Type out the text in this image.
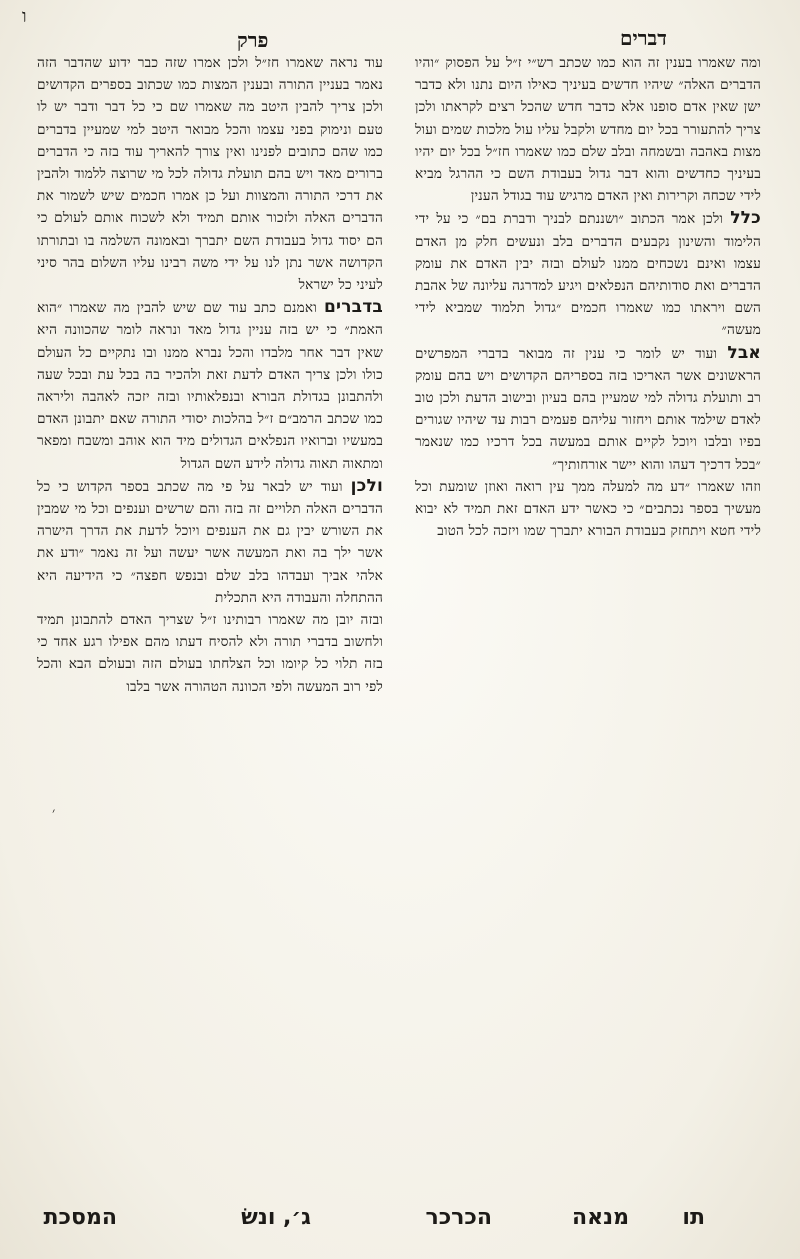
ו
פרק	דברים

עוד נראה שאמרו חז״ל ולכן אמרו שזה כבר ידוע שהדבר הזה נאמר בעניין התורה ובענין המצות כמו שכתוב בספרים הקדושים ולכן צריך להבין היטב מה שאמרו שם כי כל דבר ודבר יש לו טעם ונימוק בפני עצמו והכל מבואר היטב למי שמעיין בדברים כמו שהם כתובים לפנינו ואין צורך להאריך עוד בזה כי הדברים ברורים מאד ויש בהם תועלת גדולה לכל מי שרוצה ללמוד ולהבין את דרכי התורה והמצוות ועל כן אמרו חכמים שיש לשמור את הדברים האלה ולזכור אותם תמיד ולא לשכוח אותם לעולם כי הם יסוד גדול בעבודת השם יתברך ובאמונה השלמה בו ובתורתו הקדושה אשר נתן לנו על ידי משה רבינו עליו השלום בהר סיני לעיני כל ישראל

בדברים ואמנם כתב עוד שם שיש להבין מה שאמרו ״הוא האמת״ כי יש בזה עניין גדול מאד ונראה לומר שהכוונה היא שאין דבר אחר מלבדו והכל נברא ממנו ובו נתקיים כל העולם כולו ולכן צריך האדם לדעת זאת ולהכיר בה בכל עת ובכל שעה ולהתבונן בגדולת הבורא ובנפלאותיו ובזה יזכה לאהבה וליראה כמו שכתב הרמב״ם ז״ל בהלכות יסודי התורה שאם יתבונן האדם במעשיו וברואיו הנפלאים הגדולים מיד הוא אוהב ומשבח ומפאר ומתאוה תאוה גדולה לידע השם הגדול

ולכן ועוד יש לבאר על פי מה שכתב בספר הקדוש כי כל הדברים האלה תלויים זה בזה והם שרשים וענפים וכל מי שמבין את השורש יבין גם את הענפים ויוכל לדעת את הדרך הישרה אשר ילך בה ואת המעשה אשר יעשה ועל זה נאמר ״ודע את אלהי אביך ועבדהו בלב שלם ובנפש חפצה״ כי הידיעה היא ההתחלה והעבודה היא התכלית

ובזה יובן מה שאמרו רבותינו ז״ל שצריך האדם להתבונן תמיד ולחשוב בדברי תורה ולא להסיח דעתו מהם אפילו רגע אחד כי בזה תלוי כל קיומו וכל הצלחתו בעולם הזה ובעולם הבא והכל לפי רוב המעשה ולפי הכוונה הטהורה אשר בלבו

׳

ומה שאמרו בענין זה הוא כמו שכתב רש״י ז״ל על הפסוק ״והיו הדברים האלה״ שיהיו חדשים בעיניך כאילו היום נתנו ולא כדבר ישן שאין אדם סופנו אלא כדבר חדש שהכל רצים לקראתו ולכן צריך להתעורר בכל יום מחדש ולקבל עליו עול מלכות שמים ועול מצות באהבה ובשמחה ובלב שלם כמו שאמרו חז״ל בכל יום יהיו בעיניך כחדשים והוא דבר גדול בעבודת השם כי ההרגל מביא לידי שכחה וקרירות ואין האדם מרגיש עוד בגודל הענין

כלל ולכן אמר הכתוב ״ושננתם לבניך ודברת בם״ כי על ידי הלימוד והשינון נקבעים הדברים בלב ונעשים חלק מן האדם עצמו ואינם נשכחים ממנו לעולם ובזה יבין האדם את עומק הדברים ואת סודותיהם הנפלאים ויגיע למדרגה עליונה של אהבת השם ויראתו כמו שאמרו חכמים ״גדול תלמוד שמביא לידי מעשה״

אבל ועוד יש לומר כי ענין זה מבואר בדברי המפרשים הראשונים אשר האריכו בזה בספריהם הקדושים ויש בהם עומק רב ותועלת גדולה למי שמעיין בהם בעיון ובישוב הדעת ולכן טוב לאדם שילמד אותם ויחזור עליהם פעמים רבות עד שיהיו שגורים בפיו ובלבו ויוכל לקיים אותם במעשה בכל דרכיו כמו שנאמר ״בכל דרכיך דעהו והוא יישר אורחותיך״

וזהו שאמרו ״דע מה למעלה ממך עין רואה ואוזן שומעת וכל מעשיך בספר נכתבים״ כי כאשר ידע האדם זאת תמיד לא יבוא לידי חטא ויתחזק בעבודת הבורא יתברך שמו ויזכה לכל הטוב

המסכת	ג׳, ונשׂ	הכרכר	מנאה תו
